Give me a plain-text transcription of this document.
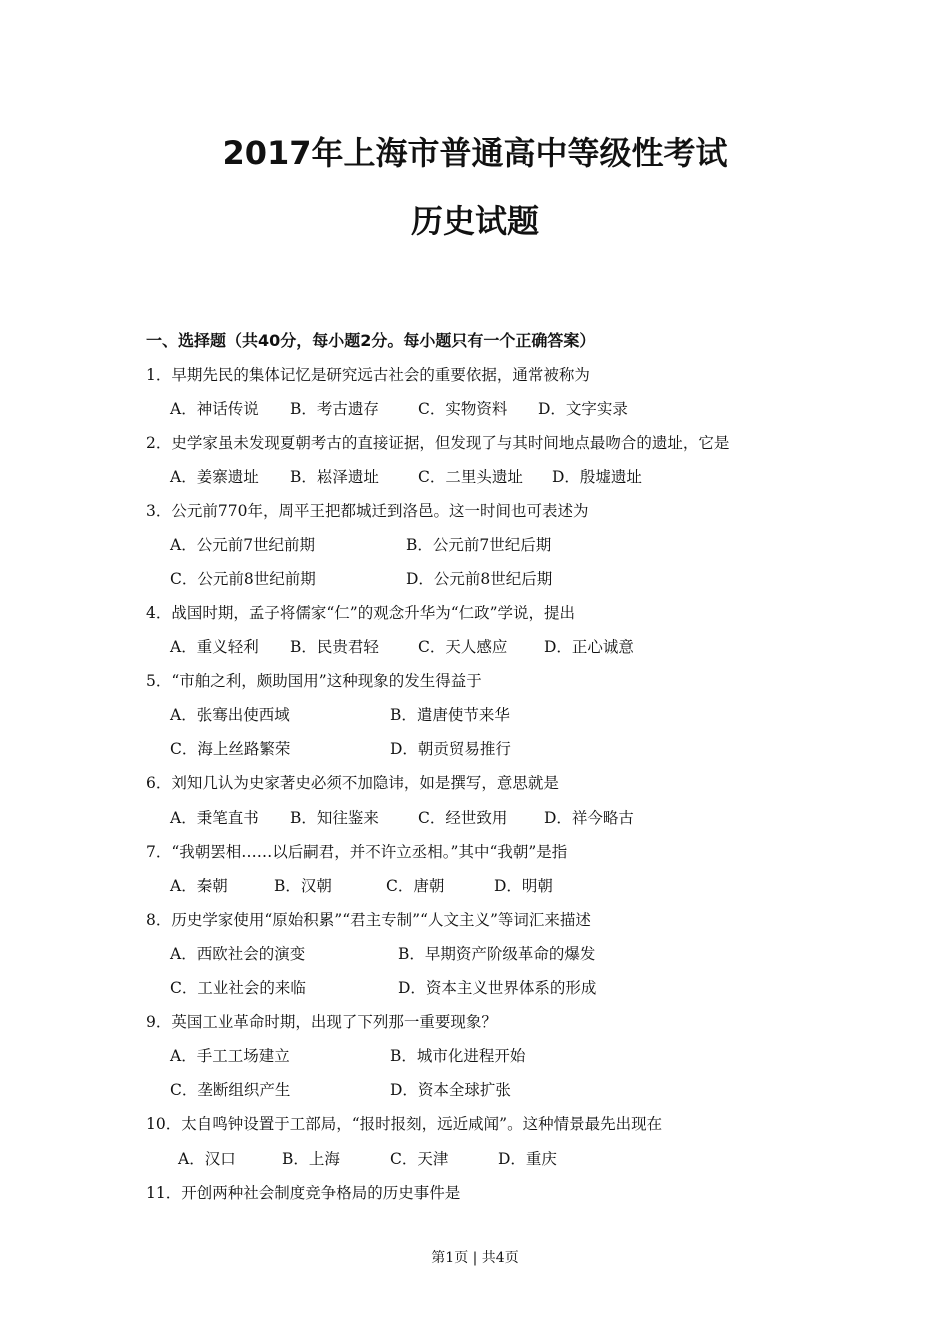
2017年上海市普通高中等级性考试
历史试题
一、选择题（共40分，每小题2分。每小题只有一个正确答案）
1．早期先民的集体记忆是研究远古社会的重要依据，通常被称为
A．神话传说 B．考古遗存	C．实物资料 D．文字实录
2．史学家虽未发现夏朝考古的直接证据，但发现了与其时间地点最吻合的遗址，它是
A．姜寨遗址 B．崧泽遗址	C．二里头遗址 D．殷墟遗址
3．公元前770年，周平王把都城迁到洛邑。这一时间也可表述为
A．公元前7世纪前期	B．公元前7世纪后期
C．公元前8世纪前期	D．公元前8世纪后期
4．战国时期，孟子将儒家“仁”的观念升华为“仁政”学说，提出
A．重义轻利 B．民贵君轻	C．天人感应 D．正心诚意
5．“市舶之利，颇助国用”这种现象的发生得益于
A．张骞出使西域	B．遣唐使节来华
C．海上丝路繁荣	D．朝贡贸易推行
6．刘知几认为史家著史必须不加隐讳，如是撰写，意思就是
A．秉笔直书 B．知往鉴来	C．经世致用 D．祥今略古
7．“我朝罢相……以后嗣君，并不许立丞相。”其中“我朝”是指
A．秦朝	B．汉朝	C．唐朝	D．明朝
8．历史学家使用“原始积累”“君主专制”“人文主义”等词汇来描述
A．西欧社会的演变	B．早期资产阶级革命的爆发
C．工业社会的来临	D．资本主义世界体系的形成
9．英国工业革命时期，出现了下列那一重要现象？
A．手工工场建立	B．城市化进程开始
C．垄断组织产生	D．资本全球扩张
10．太自鸣钟设置于工部局，“报时报刻，远近咸闻”。这种情景最先出现在
A．汉口	B．上海	C．天津	D．重庆
11．开创两种社会制度竞争格局的历史事件是
第1页 | 共4页
